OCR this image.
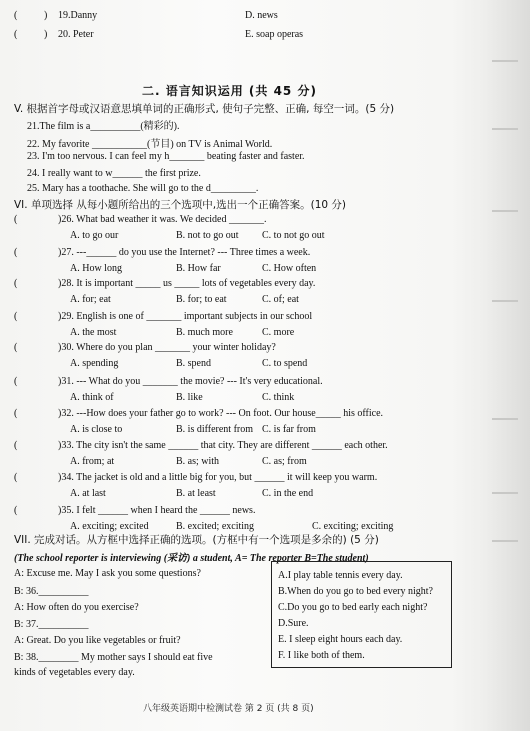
(	) 19.Danny	D. news
(	) 20. Peter	E. soap operas
二. 语言知识运用 (共 45 分)
V. 根据首字母或汉语意思填单词的正确形式, 使句子完整、正确, 每空一词。(5 分)
21.The film is a__________(精彩的).
22. My favorite ___________(节目) on TV is Animal World.
23. I'm too nervous. I can feel my h_______ beating faster and faster.
24. I really want to w______ the first prize.
25. Mary has a toothache. She will go to the d_________.
VI. 单项选择 从每小题所给出的三个选项中,选出一个正确答案。(10 分)
(	)26. What bad weather it was. We decided _______.
A. to go our	B. not to go out C. to not go out
(	)27. ---______ do you use the Internet? --- Three times a week.
A. How long	B. How far	C. How often
(	)28. It is important _____ us _____ lots of vegetables every day.
A. for; eat	B. for; to eat	C. of; eat
(	)29. English is one of _______ important subjects in our school
A. the most	B. much more	C. more
(	)30. Where do you plan _______ your winter holiday?
A. spending	B. spend	C. to spend
(	)31. --- What do you _______ the movie? --- It's very educational.
A. think of	B. like	C. think
(	)32. ---How does your father go to work? --- On foot. Our house_____ his office.
A. is close to	B. is different from C. is far from
(	)33. The city isn't the same ______ that city. They are different ______ each other.
A. from; at	B. as; with	C. as; from
(	)34. The jacket is old and a little big for you, but ______ it will keep you warm.
A. at last	B. at least	C. in the end
(	)35. I felt ______ when I heard the ______ news.
A. exciting; excited	B. excited; exciting	C. exciting; exciting
VII. 完成对话。从方框中选择正确的选项。(方框中有一个选项是多余的) (5 分)
(The school reporter is interviewing (采访) a student, A= The reporter B=The student)
A: Excuse me. May I ask you some questions?
B: 36.__________
A: How often do you exercise?
B: 37.__________
A: Great. Do you like vegetables or fruit?
B: 38.________ My mother says I should eat five
kinds of vegetables every day.
A.I play table tennis every day.
B.When do you go to bed every night?
C.Do you go to bed early each night?
D.Sure.
E. I sleep eight hours each day.
F. I like both of them.
八年级英语期中检测试卷 第 2 页 (共 8 页)
